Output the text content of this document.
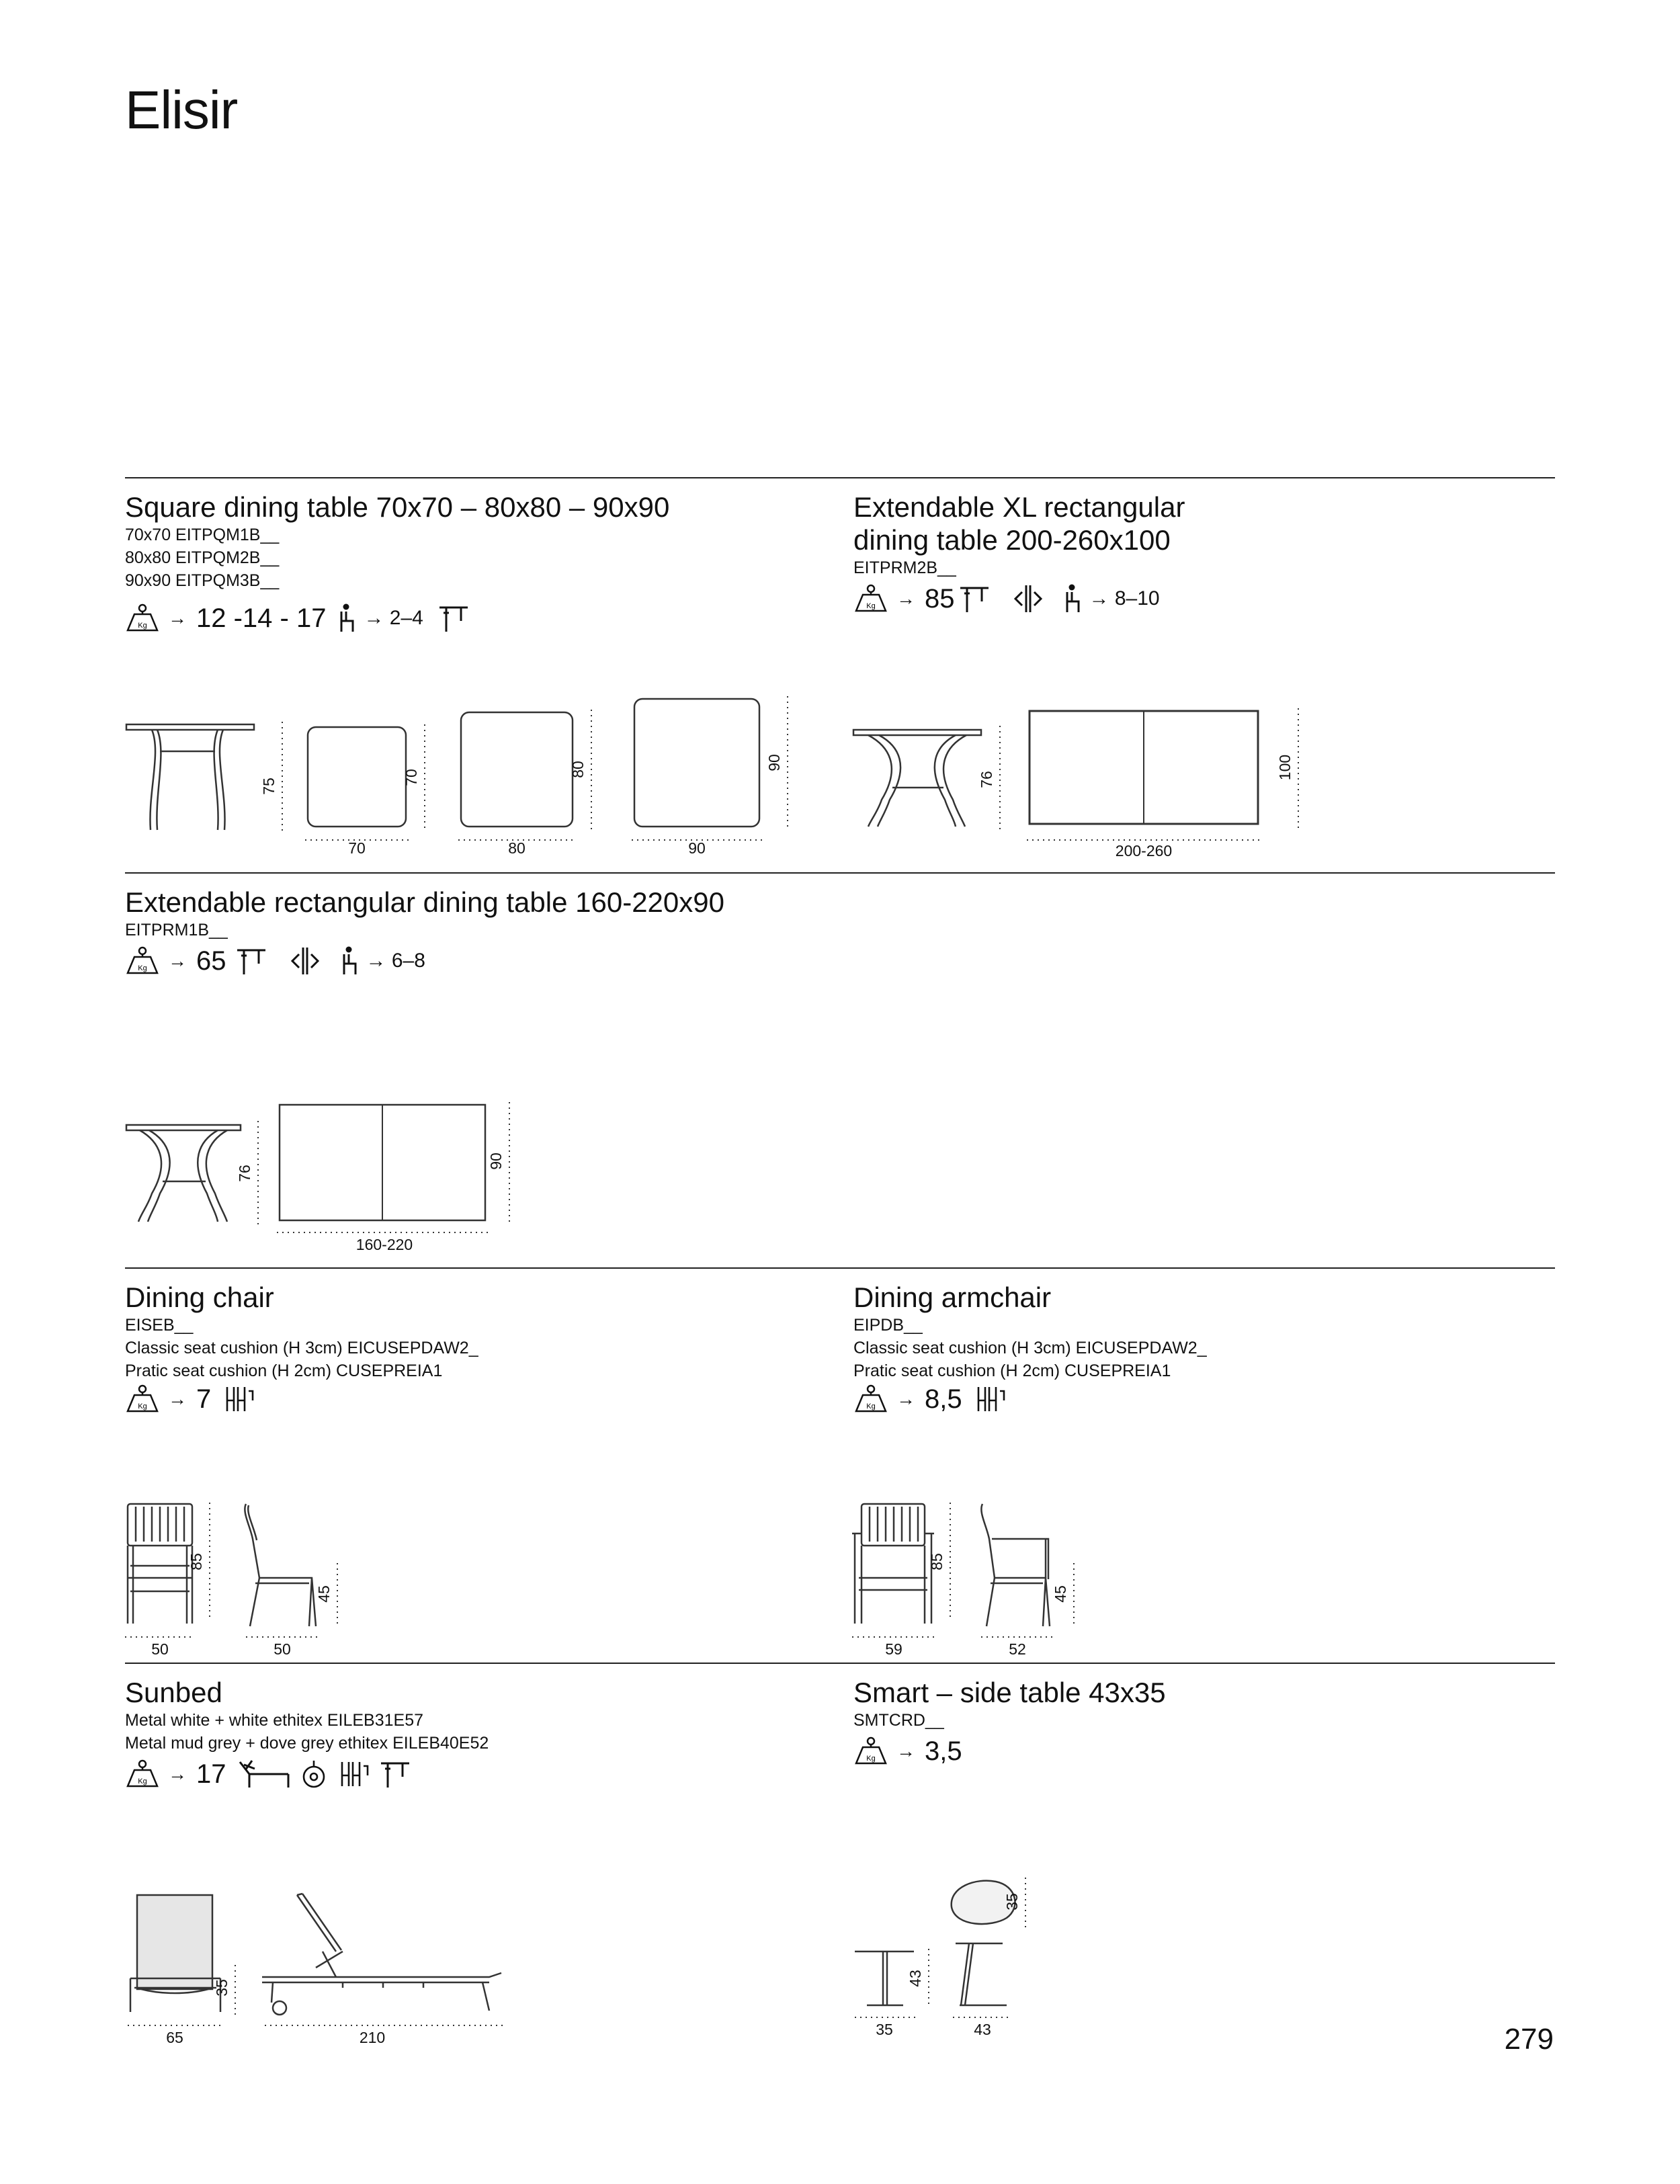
Elisir
Square dining table 70x70 – 80x80 – 90x90
70x70 EITPQM1B__
80x80 EITPQM2B__
90x90 EITPQM3B__
Kg → 12 -14 - 17 → 2–4
75
70
70
80
80
90
90
Extendable XL rectangular
dining table 200-260x100
EITPRM2B__
Kg → 85	→ 8–10
76
200-260
100
Extendable rectangular dining table 160-220x90
EITPRM1B__
Kg → 65	→ 6–8
76
160-220
90
Dining chair
EISEB__
Classic seat cushion (H 3cm) EICUSEPDAW2_
Pratic seat cushion (H 2cm) CUSEPREIA1
Kg → 7
85
50
45
50
Dining armchair
EIPDB__
Classic seat cushion (H 3cm) EICUSEPDAW2_
Pratic seat cushion (H 2cm) CUSEPREIA1
Kg → 8,5
85
59
45
52
Sunbed
Metal white + white ethitex EILEB31E57
Metal mud grey + dove grey ethitex EILEB40E52
Kg → 17
35
65	210
Smart – side table 43x35
SMTCRD__
Kg → 3,5
43
35
35
43	279
